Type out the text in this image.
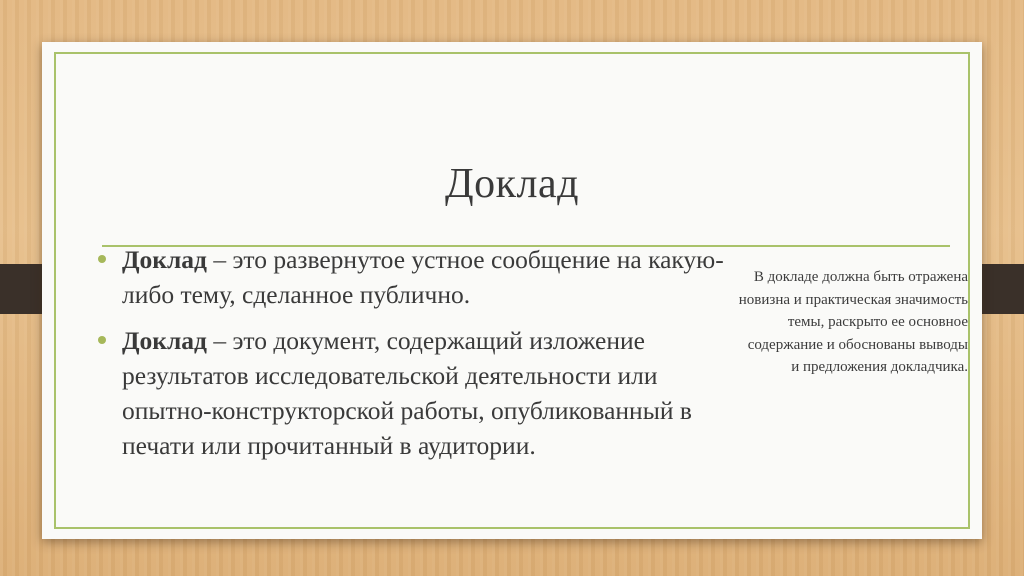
Доклад
Доклад – это развернутое устное сообщение на какую-либо тему, сделанное публично.
Доклад – это документ, содержащий изложение результатов исследовательской деятельности или опытно-конструкторской работы, опубликованный в печати или прочитанный в аудитории.
В докладе должна быть отражена новизна и практическая значимость темы, раскрыто ее основное содержание и обоснованы выводы и предложения докладчика.
